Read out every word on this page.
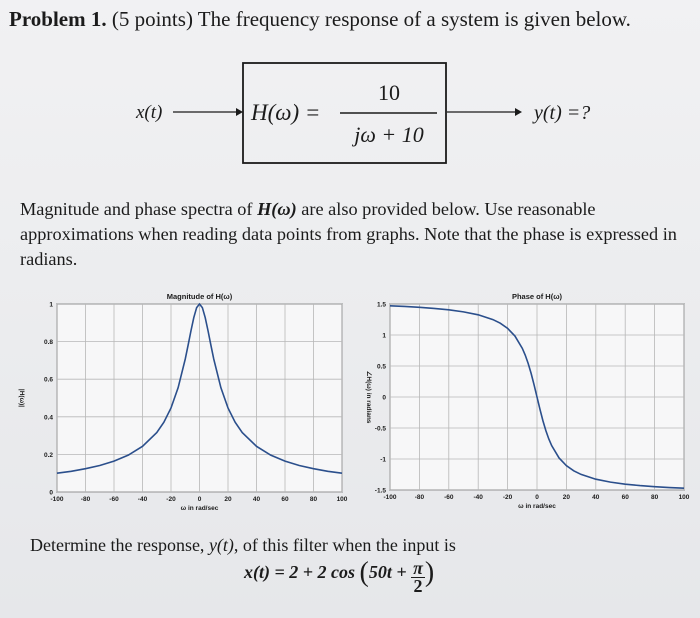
Problem 1. (5 points) The frequency response of a system is given below.
x(t)	H(ω) =
10
jω + 10
y(t) =?
Magnitude and phase spectra of H(ω) are also provided below. Use reasonable approximations when reading data points from graphs. Note that the phase is expressed in radians.
-100	-80	-60	-40	-20	0	20	40	60	80	100
0
0.2
0.4
0.6
0.8
1
Magnitude of H(ω)
ω in rad/sec
|H(ω)|
-100	-80	-60	-40	-20	0	20	40	60	80	100
-1.5
-1
-0.5
0
0.5
1
1.5
Phase of H(ω)
ω in rad/sec
∠H(ω) in radians
Determine the response, y(t), of this filter when the input is
x(t) = 2 + 2 $\cos (50t + \frac{\pi}{2}$ )
